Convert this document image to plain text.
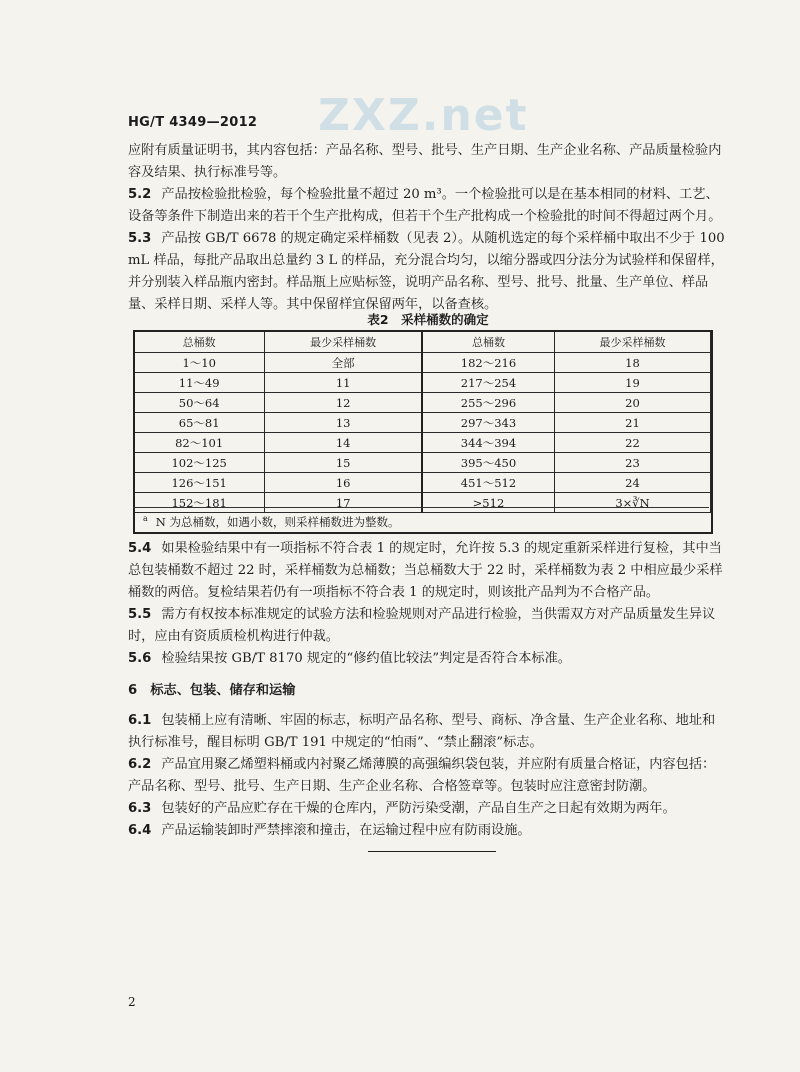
ZXZ.net
HG/T 4349—2012

应附有质量证明书，其内容包括：产品名称、型号、批号、生产日期、生产企业名称、产品质量检验内容及结果、执行标准号等。

5.2 产品按检验批检验，每个检验批量不超过 20 m³。一个检验批可以是在基本相同的材料、工艺、设备等条件下制造出来的若干个生产批构成，但若干个生产批构成一个检验批的时间不得超过两个月。

5.3 产品按 GB/T 6678 的规定确定采样桶数（见表 2）。从随机选定的每个采样桶中取出不少于 100 mL 样品，每批产品取出总量约 3 L 的样品，充分混合均匀，以缩分器或四分法分为试验样和保留样，并分别装入样品瓶内密封。样品瓶上应贴标签，说明产品名称、型号、批号、批量、生产单位、样品量、采样日期、采样人等。其中保留样宜保留两年，以备查核。

表2　采样桶数的确定
总桶数	最少采样桶数	总桶数	最少采样桶数
1～10	全部	182～216	18
11～49	11	217～254	19
50～64	12	255～296	20
65～81	13	297～343	21
82～101	14	344～394	22
102～125	15	395～450	23
126～151	16	451～512	24
152～181	17	>512	3×∛N
$^a$ N 为总桶数，如遇小数，则采样桶数进为整数。

5.4 如果检验结果中有一项指标不符合表 1 的规定时，允许按 5.3 的规定重新采样进行复检，其中当总包装桶数不超过 22 时，采样桶数为总桶数；当总桶数大于 22 时，采样桶数为表 2 中相应最少采样桶数的两倍。复检结果若仍有一项指标不符合表 1 的规定时，则该批产品判为不合格产品。

5.5 需方有权按本标准规定的试验方法和检验规则对产品进行检验，当供需双方对产品质量发生异议时，应由有资质质检机构进行仲裁。

5.6 检验结果按 GB/T 8170 规定的“修约值比较法”判定是否符合本标准。

6　标志、包装、储存和运输

6.1 包装桶上应有清晰、牢固的标志，标明产品名称、型号、商标、净含量、生产企业名称、地址和执行标准号，醒目标明 GB/T 191 中规定的“怕雨”、“禁止翻滚”标志。

6.2 产品宜用聚乙烯塑料桶或内衬聚乙烯薄膜的高强编织袋包装，并应附有质量合格证，内容包括：产品名称、型号、批号、生产日期、生产企业名称、合格签章等。包装时应注意密封防潮。

6.3 包装好的产品应贮存在干燥的仓库内，严防污染受潮，产品自生产之日起有效期为两年。

6.4 产品运输装卸时严禁摔滚和撞击，在运输过程中应有防雨设施。

2
